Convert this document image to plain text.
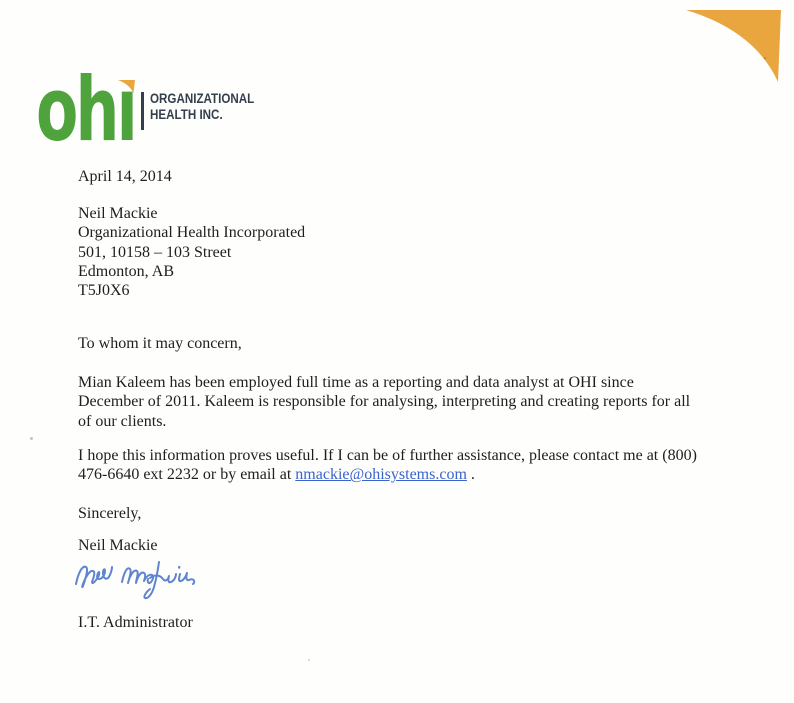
ohı ORGANIZATIONAL
HEALTH INC.
April 14, 2014
Neil Mackie
Organizational Health Incorporated
501, 10158 – 103 Street
Edmonton, AB
T5J0X6
To whom it may concern,
Mian Kaleem has been employed full time as a reporting and data analyst at OHI since
December of 2011. Kaleem is responsible for analysing, interpreting and creating reports for all
of our clients.
I hope this information proves useful. If I can be of further assistance, please contact me at (800)
476-6640 ext 2232 or by email at nmackie@ohisystems.com .
Sincerely,
Neil Mackie
I.T. Administrator
